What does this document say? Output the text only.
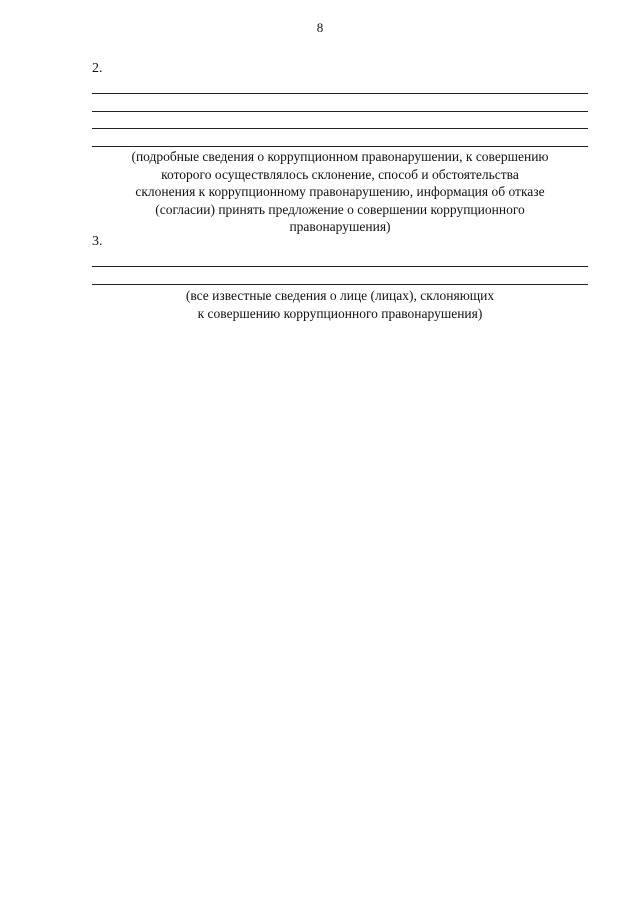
8
2.
(подробные сведения о коррупционном правонарушении, к совершению
которого осуществлялось склонение, способ и обстоятельства
склонения к коррупционному правонарушению, информация об отказе
(согласии) принять предложение о совершении коррупционного
правонарушения)
3.
(все известные сведения о лице (лицах), склоняющих
к совершению коррупционного правонарушения)
